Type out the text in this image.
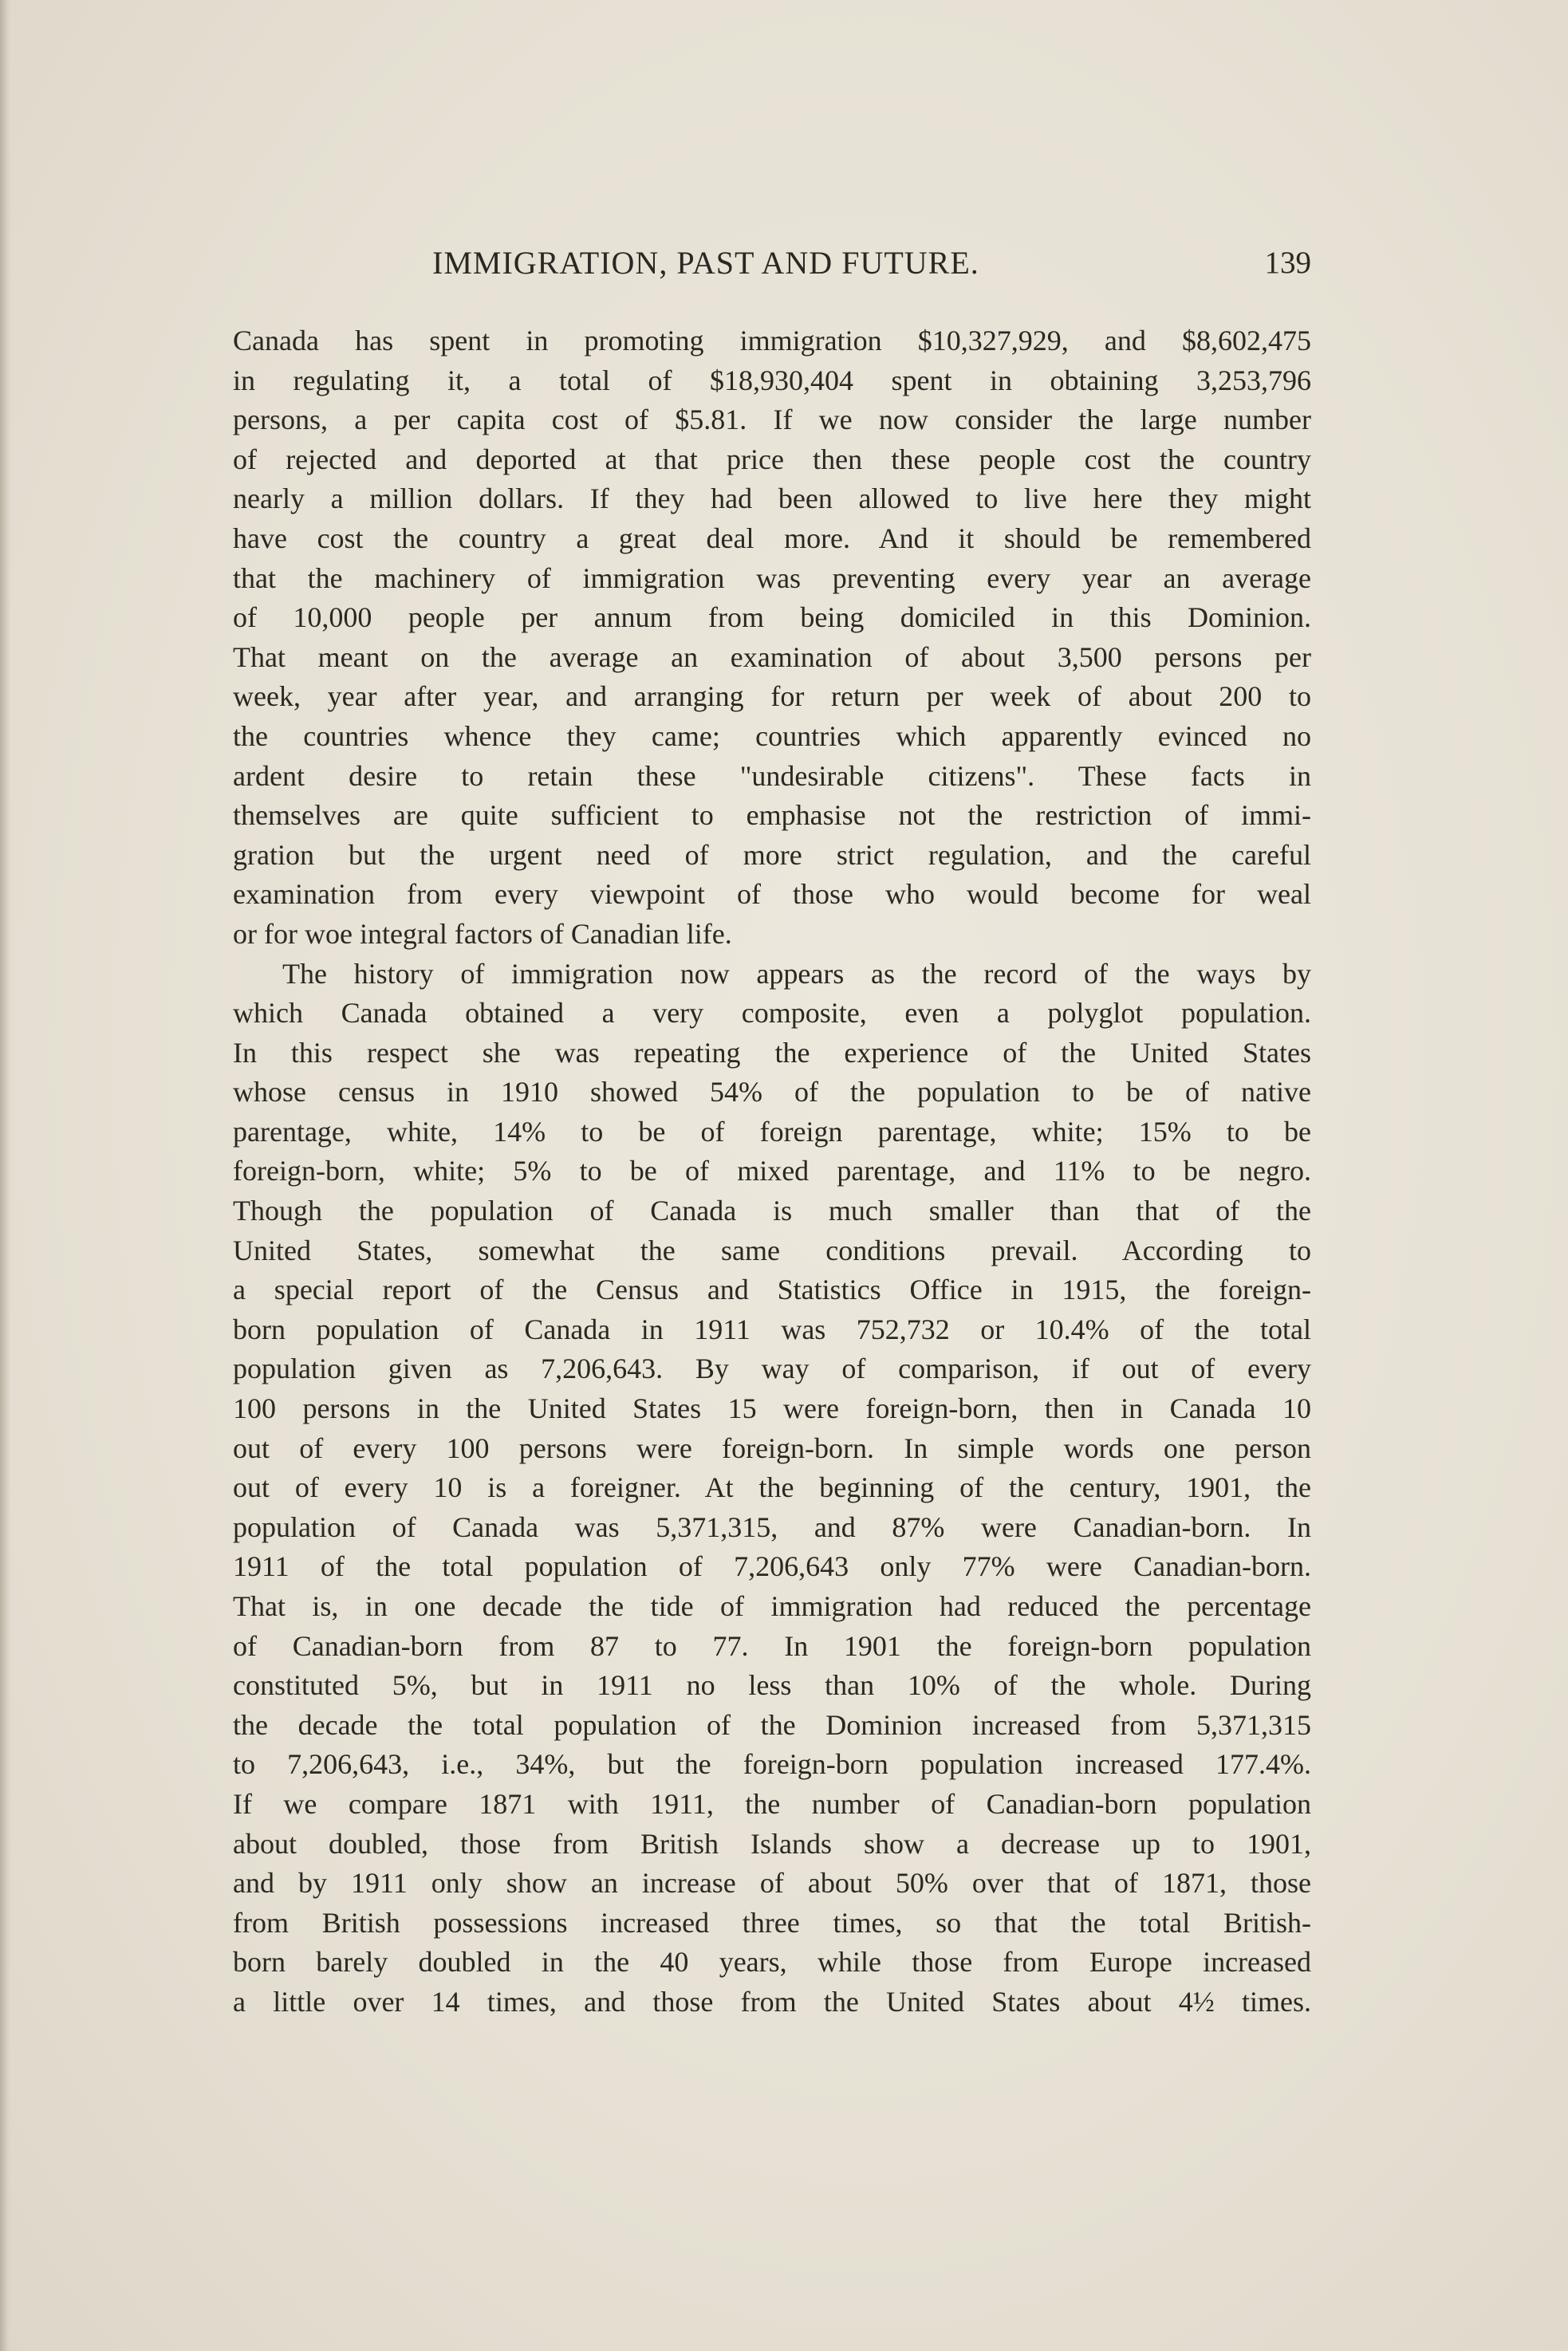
IMMIGRATION, PAST AND FUTURE.	139
Canada has spent in promoting immigration $10,327,929, and $8,602,475
in regulating it, a total of $18,930,404 spent in obtaining 3,253,796
persons, a per capita cost of $5.81. If we now consider the large number
of rejected and deported at that price then these people cost the country
nearly a million dollars. If they had been allowed to live here they might
have cost the country a great deal more. And it should be remembered
that the machinery of immigration was preventing every year an average
of 10,000 people per annum from being domiciled in this Dominion.
That meant on the average an examination of about 3,500 persons per
week, year after year, and arranging for return per week of about 200 to
the countries whence they came; countries which apparently evinced no
ardent desire to retain these "undesirable citizens". These facts in
themselves are quite sufficient to emphasise not the restriction of immi-
gration but the urgent need of more strict regulation, and the careful
examination from every viewpoint of those who would become for weal
or for woe integral factors of Canadian life.
The history of immigration now appears as the record of the ways by
which Canada obtained a very composite, even a polyglot population.
In this respect she was repeating the experience of the United States
whose census in 1910 showed 54% of the population to be of native
parentage, white, 14% to be of foreign parentage, white; 15% to be
foreign-born, white; 5% to be of mixed parentage, and 11% to be negro.
Though the population of Canada is much smaller than that of the
United States, somewhat the same conditions prevail. According to
a special report of the Census and Statistics Office in 1915, the foreign-
born population of Canada in 1911 was 752,732 or 10.4% of the total
population given as 7,206,643. By way of comparison, if out of every
100 persons in the United States 15 were foreign-born, then in Canada 10
out of every 100 persons were foreign-born. In simple words one person
out of every 10 is a foreigner. At the beginning of the century, 1901, the
population of Canada was 5,371,315, and 87% were Canadian-born. In
1911 of the total population of 7,206,643 only 77% were Canadian-born.
That is, in one decade the tide of immigration had reduced the percentage
of Canadian-born from 87 to 77. In 1901 the foreign-born population
constituted 5%, but in 1911 no less than 10% of the whole. During
the decade the total population of the Dominion increased from 5,371,315
to 7,206,643, i.e., 34%, but the foreign-born population increased 177.4%.
If we compare 1871 with 1911, the number of Canadian-born population
about doubled, those from British Islands show a decrease up to 1901,
and by 1911 only show an increase of about 50% over that of 1871, those
from British possessions increased three times, so that the total British-
born barely doubled in the 40 years, while those from Europe increased
a little over 14 times, and those from the United States about 4½ times.
